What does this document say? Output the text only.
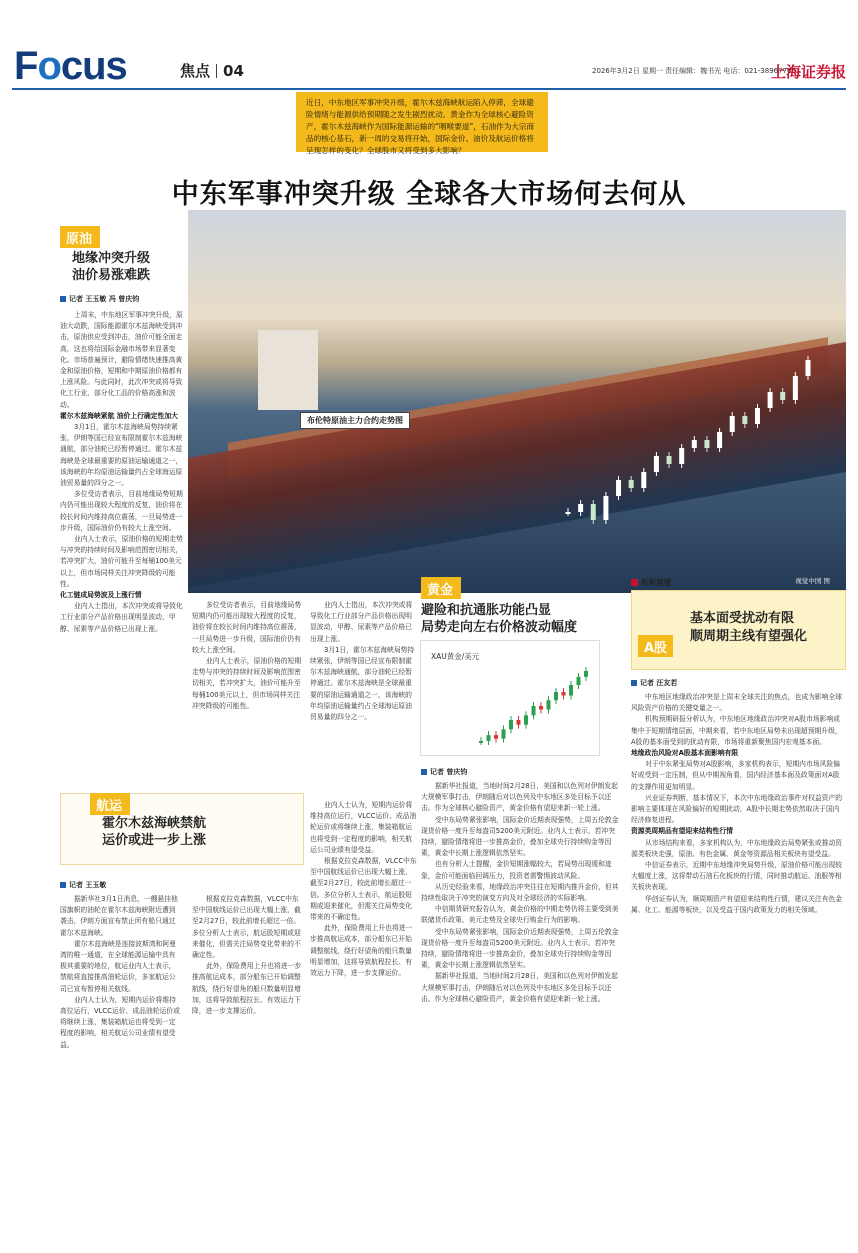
Focus	焦点 04	2026年3月2日 星期一 责任编辑：魏书光 电话：021-38967765
上海证券报
近日，中东地区军事冲突升级，霍尔木兹海峡航运陷入停滞，全球避险情绪与能源供给预期随之发生剧烈扰动。黄金作为全球核心避险资产，霍尔木兹海峡作为国际能源运输的“咽喉要道”，石油作为大宗商品的核心基石，新一周的交易将开始，国际金价、油价及航运价格将呈现怎样的变化？全球股市又将受到多大影响？
中东军事冲突升级 全球各大市场何去何从
布伦特原油主力合约走势图
视觉中国 图
原油
地缘冲突升级
油价易涨难跌
记者 王玉敏 冯 曾庆钧

上周末，中东地区军事冲突升级，原油大动跌，国际能源霍尔木兹海峡受到冲击，原油供应受到冲击，油价可能全面走高，这也将给国际金融市场带来显著变化。市场普遍预计，避险情绪快速推高黄金和原油价格，短期和中期原油价格都有上涨风险。与此同时，此次冲突或将导致化工行业、部分化工品的价格高涨和波动。

霍尔木兹海峡紧航 油价上行确定性加大

3月1日，霍尔木兹海峡局势持续紧张，伊朗等国已经宣布限制霍尔木兹海峡通航，部分油轮已经暂停通过。霍尔木兹海峡是全球最重要的原油运输通道之一，该海峡的年均原油运输量约占全球海运原油贸易量的四分之一。

多位受访者表示，目前地缘局势短期内仍可能出现较大程度的反复，油价将在较长时间内维持高位震荡，一旦局势进一步升级，国际油价仍有较大上涨空间。

业内人士表示，原油价格的短期走势与冲突的持续时间及影响范围密切相关，若冲突扩大，油价可能升至每桶100美元以上，但市场同样关注冲突降级的可能性。

化工链成局势波及上涨行情

业内人士指出，本次冲突或将导致化工行业部分产品价格出现明显波动，甲醇、尿素等产品价格已出现上涨。

多位受访者表示，目前地缘局势短期内仍可能出现较大程度的反复，油价将在较长时间内维持高位震荡，一旦局势进一步升级，国际油价仍有较大上涨空间。

业内人士表示，原油价格的短期走势与冲突的持续时间及影响范围密切相关，若冲突扩大，油价可能升至每桶100美元以上，但市场同样关注冲突降级的可能性。

业内人士指出，本次冲突或将导致化工行业部分产品价格出现明显波动，甲醇、尿素等产品价格已出现上涨。

3月1日，霍尔木兹海峡局势持续紧张，伊朗等国已经宣布限制霍尔木兹海峡通航，部分油轮已经暂停通过。霍尔木兹海峡是全球最重要的原油运输通道之一，该海峡的年均原油运输量约占全球海运原油贸易量的四分之一。

航运
霍尔木兹海峡禁航
运价或进一步上涨
记者 王玉敏

据新华社3月1日消息，一艘悬挂他国旗帜的油轮在霍尔木兹海峡附近遭到袭击，伊朗方面宣布禁止所有船只通过霍尔木兹海峡。

霍尔木兹海峡是连接波斯湾和阿曼湾的唯一通道，在全球能源运输中具有极其重要的地位，航运业内人士表示，禁航将直接推高油轮运价，多家航运公司已宣布暂停相关航线。

业内人士认为，短期内运价将维持高位运行，VLCC运价、成品油轮运价或将继续上涨，集装箱航运也将受到一定程度的影响，相关航运公司业绩有望受益。

根据克拉克森数据，VLCC中东至中国航线运价已出现大幅上涨，截至2月27日，较此前增长超过一倍。多位分析人士表示，航运股短期或迎来催化，但需关注局势变化带来的不确定性。

此外，保险费用上升也将进一步推高航运成本，部分船东已开始调整航线，绕行好望角的船只数量明显增加，这将导致航程拉长、有效运力下降，进一步支撑运价。

业内人士认为，短期内运价将维持高位运行，VLCC运价、成品油轮运价或将继续上涨，集装箱航运也将受到一定程度的影响，相关航运公司业绩有望受益。

根据克拉克森数据，VLCC中东至中国航线运价已出现大幅上涨，截至2月27日，较此前增长超过一倍。多位分析人士表示，航运股短期或迎来催化，但需关注局势变化带来的不确定性。

此外，保险费用上升也将进一步推高航运成本，部分船东已开始调整航线，绕行好望角的船只数量明显增加，这将导致航程拉长、有效运力下降，进一步支撑运价。

黄金
避险和抗通胀功能凸显
局势走向左右价格波动幅度
XAU黄金/美元
记者 曾庆钧

据新华社报道，当地时间2月28日，美国和以色列对伊朗发起大规模军事打击，伊朗随后对以色列及中东地区多处目标予以还击。作为全球核心避险资产，黄金价格有望迎来新一轮上涨。

受中东局势紧张影响，国际金价近期表现强势，上周五伦敦金现货价格一度升至每盎司5200美元附近。业内人士表示，若冲突持续，避险情绪将进一步推高金价，叠加全球央行持续购金等因素，黄金中长期上涨逻辑依然坚实。

也有分析人士提醒，金价短期涨幅较大，若局势出现缓和迹象，金价可能面临回调压力，投资者需警惕波动风险。

从历史经验来看，地缘政治冲突往往在短期内推升金价，但其持续性取决于冲突的演变方向及对全球经济的实际影响。

中信期货研究报告认为，黄金价格的中期走势仍将主要受到美联储货币政策、美元走势及全球央行购金行为的影响。

受中东局势紧张影响，国际金价近期表现强势，上周五伦敦金现货价格一度升至每盎司5200美元附近。业内人士表示，若冲突持续，避险情绪将进一步推高金价，叠加全球央行持续购金等因素，黄金中长期上涨逻辑依然坚实。

据新华社报道，当地时间2月28日，美国和以色列对伊朗发起大规模军事打击，伊朗随后对以色列及中东地区多处目标予以还击。作为全球核心避险资产，黄金价格有望迎来新一轮上涨。

机构展望
A股
基本面受扰动有限
顺周期主线有望强化
记者 汪友若

中东地区地缘政治冲突是上周末全球关注的焦点，也成为影响全球风险资产价格的关键变量之一。

机构预期研报分析认为，中东地区地缘政治冲突对A股市场影响或集中于短期情绪层面，中期来看，若中东地区局势未出现超预期升级，A股的基本面受到的扰动有限，市场将重新聚焦国内宏观基本面。

地缘政治风险对A股基本面影响有限

对于中东紧张局势对A股影响，多家机构表示，短期内市场风险偏好或受到一定压制，但从中期视角看，国内经济基本面及政策面对A股的支撑作用更加明显。

兴业证券判断，基本情况下，本次中东地缘政治事件对权益资产的影响主要体现在风险偏好的短期扰动，A股中长期走势依然取决于国内经济修复进程。

资源类周期品有望迎来结构性行情

从市场结构来看，多家机构认为，中东地缘政治局势紧张或推动资源类板块走强，原油、有色金属、黄金等资源品相关板块有望受益。

中信证券表示，近期中东地缘冲突局势升级，原油价格可能出现较大幅度上涨，这将带动石油石化板块的行情，同时推动航运、油服等相关板块表现。

华创证券认为，顺周期资产有望迎来结构性行情，建议关注有色金属、化工、能源等板块，以及受益于国内政策发力的相关领域。
